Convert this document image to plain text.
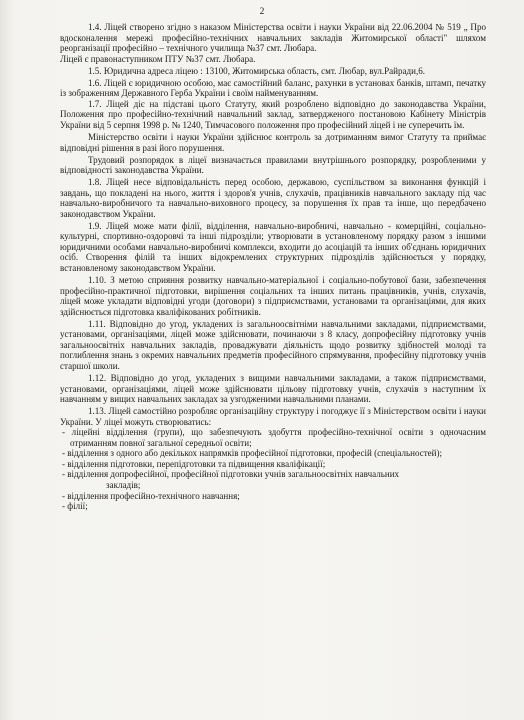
2

1.4. Ліцей створено згідно з наказом Міністерства освіти і науки України від 22.06.2004 № 519 „ Про вдосконалення мережі професійно-технічних навчальних закладів Житомирської області" шляхом реорганізації професійно – технічного училища №37 смт. Любара.

Ліцей є правонаступником ПТУ №37 смт. Любара.

1.5. Юридична адреса ліцею : 13100, Житомирська область, смт. Любар, вул.Райради,6.

1.6. Ліцей є юридичною особою, має самостійний баланс, рахунки в установах банків, штамп, печатку із зображенням Державного Герба України і своїм найменуванням.

1.7. Ліцей діє на підставі цього Статуту, який розроблено відповідно до законодавства України, Положення про професійно-технічний навчальний заклад, затвердженого постановою Кабінету Міністрів України від 5 серпня 1998 р. № 1240, Тимчасового положення про професійний ліцей і не суперечить їм.

Міністерство освіти і науки України здійснює контроль за дотриманням вимог Статуту та приймає відповідні рішення в разі його порушення.

Трудовий розпорядок в ліцеї визначається правилами внутрішнього розпорядку, розробленими у відповідності законодавства України.

1.8. Ліцей несе відповідальність перед особою, державою, суспільством за виконання функцій і завдань, що покладені на нього, життя і здоров'я учнів, слухачів, працівників навчального закладу під час навчально-виробничого та навчально-виховного процесу, за порушення їх прав та інше, що передбачено законодавством України.

1.9. Ліцей може мати філії, відділення, навчально-виробничі, навчально - комерційні, соціально-культурні, спортивно-оздоровчі та інші підрозділи; утворювати в установленому порядку разом з іншими юридичними особами навчально-виробничі комплекси, входити до асоціацій та інших об'єднань юридичних осіб. Створення філій та інших відокремлених структурних підрозділів здійснюється у порядку, встановленому законодавством України.

1.10. З метою сприяння розвитку навчально-матеріальної і соціально-побутової бази, забезпечення професійно-практичної підготовки, вирішення соціальних та інших питань працівників, учнів, слухачів, ліцей може укладати відповідні угоди (договори) з підприємствами, установами та організаціями, для яких здійснюється підготовка кваліфікованих робітників.

1.11. Відповідно до угод, укладених із загальноосвітніми навчальними закладами, підприємствами, установами, організаціями, ліцей може здійснювати, починаючи з 8 класу, допрофесійну підготовку учнів загальноосвітніх навчальних закладів, проваджувати діяльність щодо розвитку здібностей молоді та поглиблення знань з окремих навчальних предметів професійного спрямування, професійну підготовку учнів старшої школи.

1.12. Відповідно до угод, укладених з вищими навчальними закладами, а також підприємствами, установами, організаціями, ліцей може здійснювати цільову підготовку учнів, слухачів з наступним їх навчанням у вищих навчальних закладах за узгодженими навчальними планами.

1.13. Ліцей самостійно розробляє організаційну структуру і погоджує її з Міністерством освіти і науки України. У ліцеї можуть створюватись:

- ліцейні відділення (групи), що забезпечують здобуття професійно-технічної освіти з одночасним отриманням повної загальної середньої освіти;
- відділення з одного або декількох напрямків професійної підготовки, професій (спеціальностей);
- відділення підготовки, перепідготовки та підвищення кваліфікації;
- відділення допрофесійної, професійної підготовки учнів загальноосвітніх навчальних
закладів;
- відділення професійно-технічного навчання;
- філії;
